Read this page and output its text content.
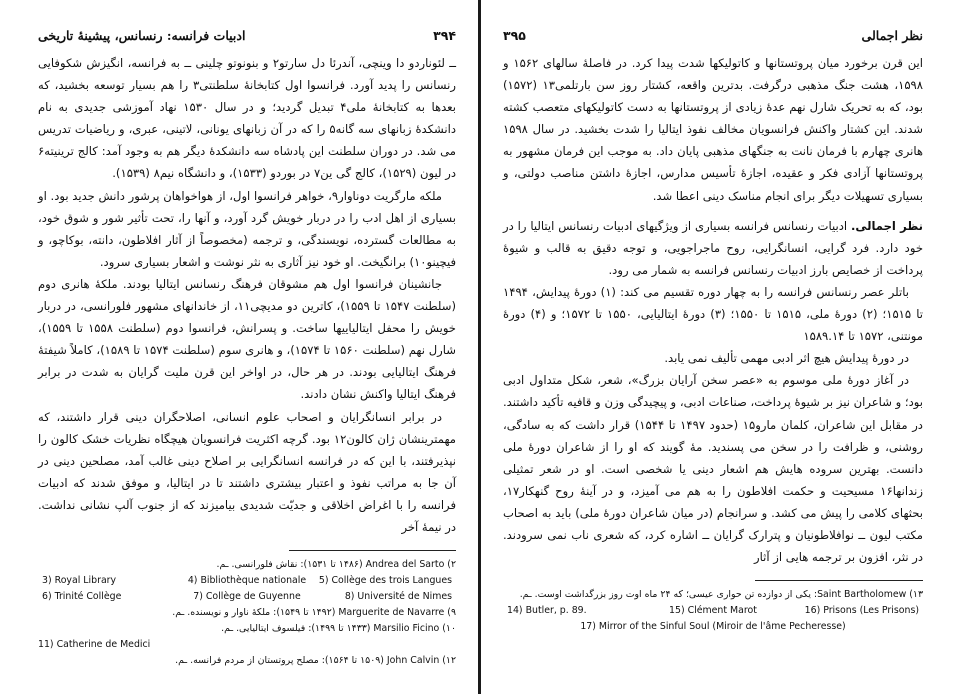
۳۹۴
ادبیات فرانسه: رنسانس، پیشینهٔ تاریخی

ــ لئوناردو دا وینچی، آندرئا دل سارتو۲ و بنونوتو چلینی ــ به فرانسه، انگیزش شکوفایی رنسانس را پدید آورد. فرانسوا اول کتابخانهٔ سلطنتی۳ را هم بسیار توسعه بخشید، که بعدها به کتابخانهٔ ملی۴ تبدیل گردید؛ و در سال ۱۵۳۰ نهاد آموزشی جدیدی به نام دانشکدهٔ زبانهای سه گانه۵ را که در آن زبانهای یونانی، لاتینی، عبری، و ریاضیات تدریس می شد. در دوران سلطنت این پادشاه سه دانشکدهٔ دیگر هم به وجود آمد: کالج ترینیته۶ در لیون (۱۵۲۹)، کالج گی ین۷ در بوردو (۱۵۳۳)، و دانشگاه نیم۸ (۱۵۳۹).

ملکه مارگریت دوناوار۹، خواهر فرانسوا اول، از هواخواهان پرشور دانش جدید بود. او بسیاری از اهل ادب را در دربار خویش گرد آورد، و آنها را، تحت تأثیر شور و شوق خود، به مطالعات گسترده، نویسندگی، و ترجمه (مخصوصاً از آثار افلاطون، دانته، بوکاچو، و فیچینو۱۰) برانگیخت. او خود نیز آثاری به نثر نوشت و اشعار بسیاری سرود.

جانشینان فرانسوا اول هم مشوقان فرهنگ رنسانس ایتالیا بودند. ملکهٔ هانری دوم (سلطنت ۱۵۴۷ تا ۱۵۵۹)، کاترین دو مدیچی۱۱، از خاندانهای مشهور فلورانسی، در دربار خویش را محفل ایتالیاییها ساخت. و پسرانش، فرانسوا دوم (سلطنت ۱۵۵۸ تا ۱۵۵۹)، شارل نهم (سلطنت ۱۵۶۰ تا ۱۵۷۴)، و هانری سوم (سلطنت ۱۵۷۴ تا ۱۵۸۹)، کاملاً شیفتهٔ فرهنگ ایتالیایی بودند. در هر حال، در اواخر این قرن ملیت گرایان به شدت در برابر فرهنگ ایتالیا واکنش نشان دادند.

در برابر انسانگرایان و اصحاب علوم انسانی، اصلاحگران دینی قرار داشتند، که مهمترینشان ژان کالون۱۲ بود. گرچه اکثریت فرانسویان هیچگاه نظریات خشک کالون را نپذیرفتند، با این که در فرانسه انسانگرایی بر اصلاح دینی غالب آمد، مصلحین دینی در آن جا به مراتب نفوذ و اعتبار بیشتری داشتند تا در ایتالیا، و موفق شدند که ادبیات فرانسه را با اغراض اخلاقی و جدیّت شدیدی بیامیزند که از جنوب آلپ نشانی نداشت. در نیمهٔ آخر

۲) Andrea del Sarto (۱۴۸۶ تا ۱۵۳۱): نقاش فلورانسی. ـم.
3) Royal Library	4) Bibliothèque nationale	5) Collège des trois Langues
6) Trinité Collège	7) Collège de Guyenne	8) Université de Nimes
۹) Marguerite de Navarre (۱۴۹۲ تا ۱۵۴۹): ملکهٔ ناوار و نویسنده. ـم.
۱۰) Marsilio Ficino (۱۴۳۳ تا ۱۴۹۹): فیلسوف ایتالیایی. ـم.
11) Catherine de Medici
۱۲) John Calvin (۱۵۰۹ تا ۱۵۶۴): مصلح پروتستان از مردم فرانسه. ـم.
نظر اجمالی
۳۹۵

این قرن برخورد میان پروتستانها و کاتولیکها شدت پیدا کرد. در فاصلهٔ سالهای ۱۵۶۲ و ۱۵۹۸، هشت جنگ مذهبی درگرفت. بدترین واقعه، کشتار روز سن بارتلمی۱۳ (۱۵۷۲) بود، که به تحریک شارل نهم عدهٔ زیادی از پروتستانها به دست کاتولیکهای متعصب کشته شدند. این کشتار واکنش فرانسویان مخالف نفوذ ایتالیا را شدت بخشید. در سال ۱۵۹۸ هانری چهارم با فرمان نانت به جنگهای مذهبی پایان داد. به موجب این فرمان مشهور به پروتستانها آزادی فکر و عقیده، اجازهٔ تأسیس مدارس، اجازهٔ داشتن مناصب دولتی، و بسیاری تسهیلات دیگر برای انجام مناسک دینی اعطا شد.

نظر اجمالی. ادبیات رنسانس فرانسه بسیاری از ویژگیهای ادبیات رنسانس ایتالیا را در خود دارد. فرد گرایی، انسانگرایی، روح ماجراجویی، و توجه دقیق به قالب و شیوهٔ پرداخت از خصایص بارز ادبیات رنسانس فرانسه به شمار می رود.

باتلر عصر رنسانس فرانسه را به چهار دوره تقسیم می کند: (۱) دورهٔ پیدایش، ۱۴۹۴ تا ۱۵۱۵؛ (۲) دورهٔ ملی، ۱۵۱۵ تا ۱۵۵۰؛ (۳) دورهٔ ایتالیایی، ۱۵۵۰ تا ۱۵۷۲؛ و (۴) دورهٔ مونتنی، ۱۵۷۲ تا ۱۵۸۹.۱۴

در دورهٔ پیدایش هیچ اثر ادبی مهمی تألیف نمی یابد.

در آغاز دورهٔ ملی موسوم به «عصر سخن آرایان بزرگ»، شعر، شکل متداول ادبی بود؛ و شاعران نیز بر شیوهٔ پرداخت، صناعات ادبی، و پیچیدگی وزن و قافیه تأکید داشتند. در مقابل این شاعران، کلمان مارو۱۵ (حدود ۱۴۹۷ تا ۱۵۴۴) قرار داشت که به سادگی، روشنی، و ظرافت را در سخن می پسندید. مهٔ گویند که او را از شاعران دورهٔ ملی دانست. بهترین سروده هایش هم اشعار دینی یا شخصی است. او در شعر تمثیلی زندانها۱۶ مسیحیت و حکمت افلاطون را به هم می آمیزد، و در آینهٔ روح گنهکار۱۷، بحثهای کلامی را پیش می کشد. و سرانجام (در میان شاعران دورهٔ ملی) باید به اصحاب مکتب لیون ــ نوافلاطونیان و پترارک گرایان ــ اشاره کرد، که شعری ناب نمی سرودند. در نثر، افزون بر ترجمه هایی از آثار

۱۳) Saint Bartholomew: یکی از دوازده تن حواری عیسی؛ که ۲۴ ماه اوت روز بزرگداشت اوست. ـم.
14) Butler, p. 89.	15) Clément Marot	16) Prisons (Les Prisons)
17) Mirror of the Sinful Soul (Miroir de l'âme Pecheresse)
